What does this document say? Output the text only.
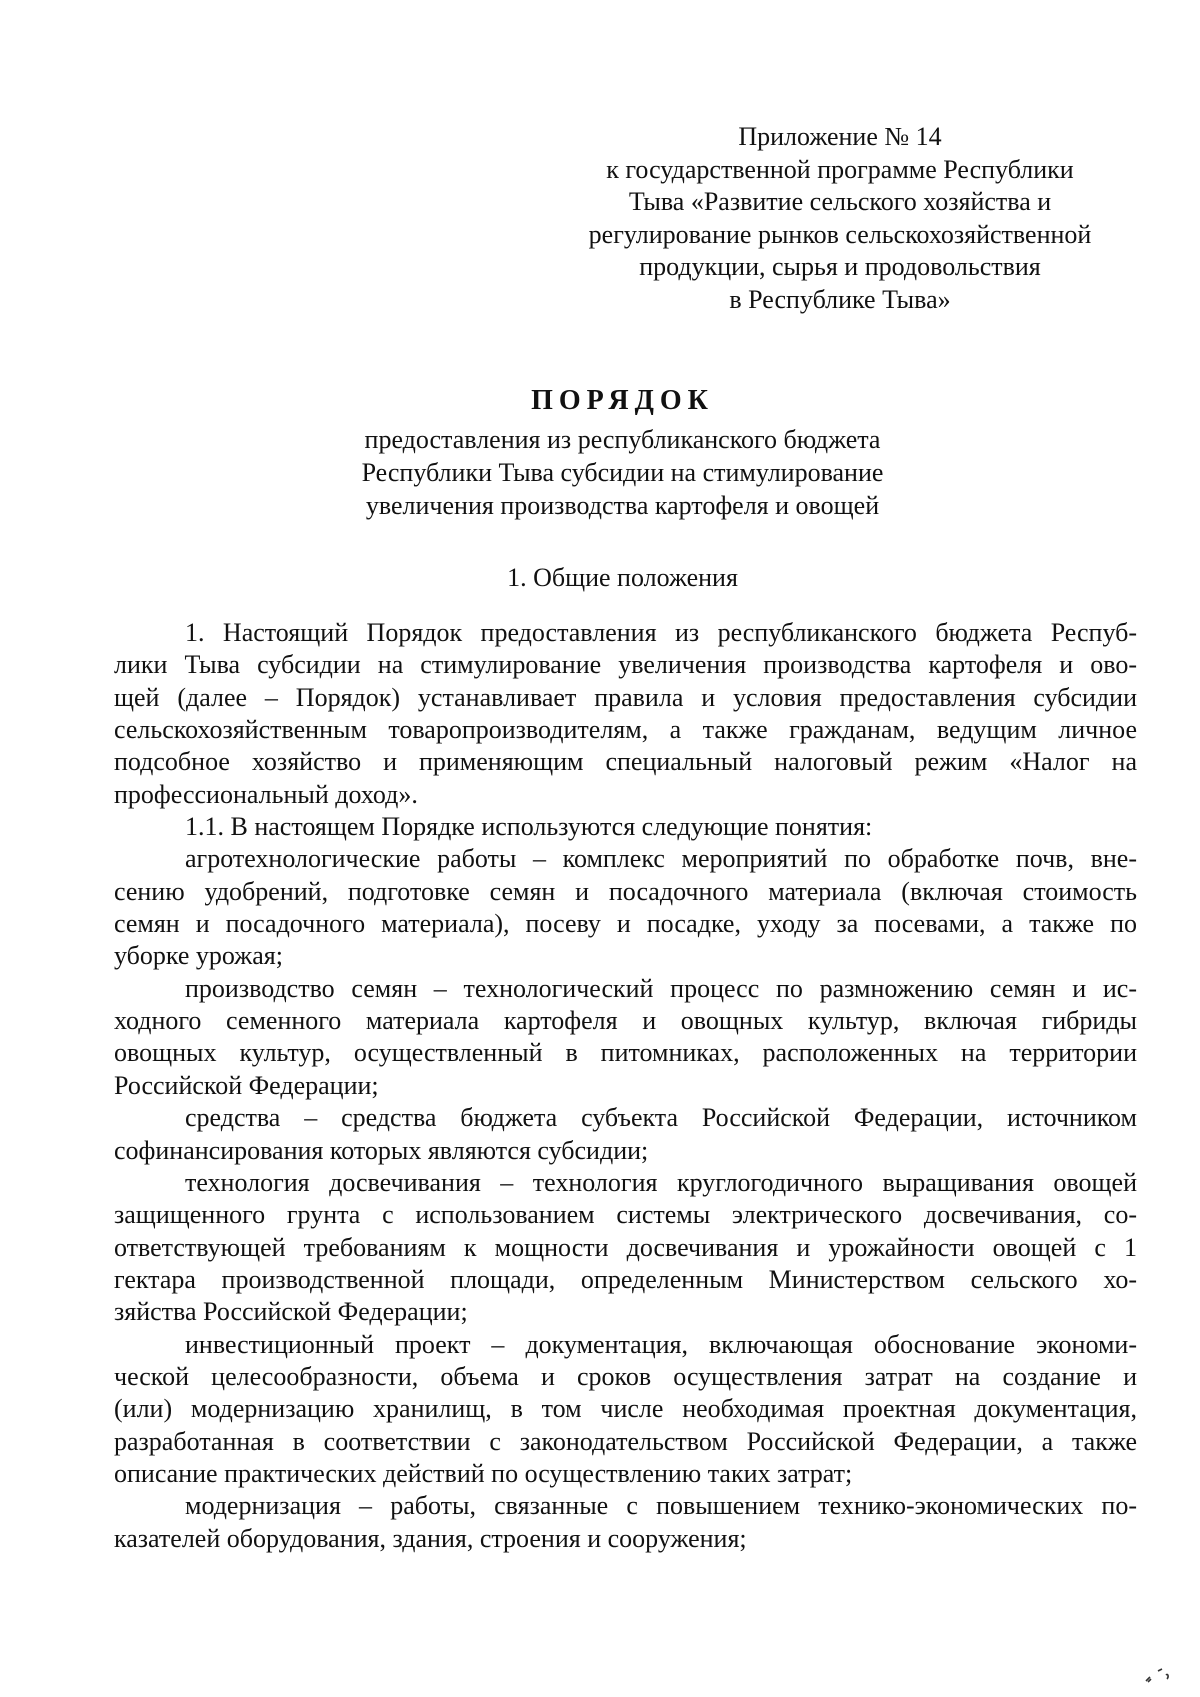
Приложение № 14
к государственной программе Республики
Тыва «Развитие сельского хозяйства и
регулирование рынков сельскохозяйственной
продукции, сырья и продовольствия
в Республике Тыва»
ПОРЯДОК
предоставления из республиканского бюджета
Республики Тыва субсидии на стимулирование
увеличения производства картофеля и овощей
1. Общие положения
1. Настоящий Порядок предоставления из республиканского бюджета Респуб-
лики Тыва субсидии на стимулирование увеличения производства картофеля и ово-
щей (далее – Порядок) устанавливает правила и условия предоставления субсидии
сельскохозяйственным товаропроизводителям, а также гражданам, ведущим личное
подсобное хозяйство и применяющим специальный налоговый режим «Налог на
профессиональный доход».
1.1. В настоящем Порядке используются следующие понятия:
агротехнологические работы – комплекс мероприятий по обработке почв, вне-
сению удобрений, подготовке семян и посадочного материала (включая стоимость
семян и посадочного материала), посеву и посадке, уходу за посевами, а также по
уборке урожая;
производство семян – технологический процесс по размножению семян и ис-
ходного семенного материала картофеля и овощных культур, включая гибриды
овощных культур, осуществленный в питомниках, расположенных на территории
Российской Федерации;
средства – средства бюджета субъекта Российской Федерации, источником
софинансирования которых являются субсидии;
технология досвечивания – технология круглогодичного выращивания овощей
защищенного грунта с использованием системы электрического досвечивания, со-
ответствующей требованиям к мощности досвечивания и урожайности овощей с 1
гектара производственной площади, определенным Министерством сельского хо-
зяйства Российской Федерации;
инвестиционный проект – документация, включающая обоснование экономи-
ческой целесообразности, объема и сроков осуществления затрат на создание и
(или) модернизацию хранилищ, в том числе необходимая проектная документация,
разработанная в соответствии с законодательством Российской Федерации, а также
описание практических действий по осуществлению таких затрат;
модернизация – работы, связанные с повышением технико-экономических по-
казателей оборудования, здания, строения и сооружения;
